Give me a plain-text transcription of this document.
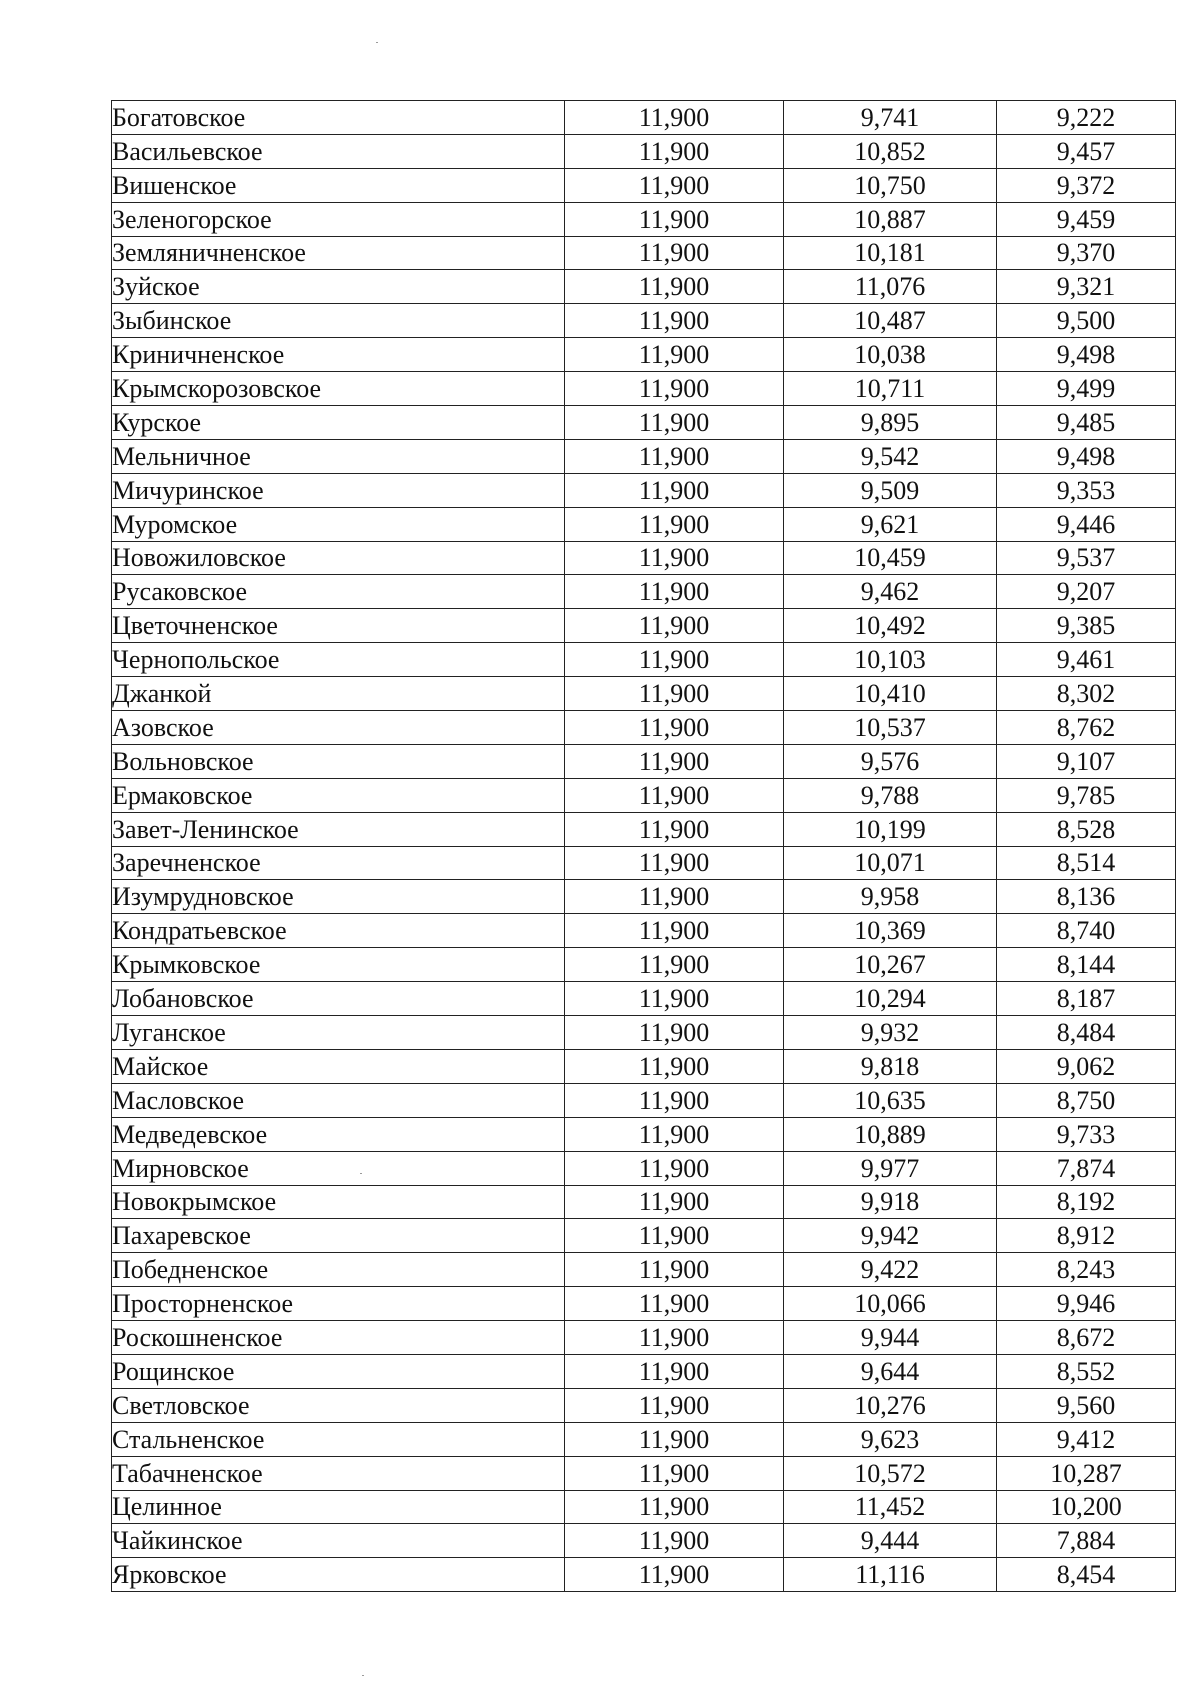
Богатовское	11,900	9,741	9,222
Васильевское	11,900	10,852	9,457
Вишенское	11,900	10,750	9,372
Зеленогорское	11,900	10,887	9,459
Земляничненское	11,900	10,181	9,370
Зуйское	11,900	11,076	9,321
Зыбинское	11,900	10,487	9,500
Криничненское	11,900	10,038	9,498
Крымскорозовское	11,900	10,711	9,499
Курское	11,900	9,895	9,485
Мельничное	11,900	9,542	9,498
Мичуринское	11,900	9,509	9,353
Муромское	11,900	9,621	9,446
Новожиловское	11,900	10,459	9,537
Русаковское	11,900	9,462	9,207
Цветочненское	11,900	10,492	9,385
Чернопольское	11,900	10,103	9,461
Джанкой	11,900	10,410	8,302
Азовское	11,900	10,537	8,762
Вольновское	11,900	9,576	9,107
Ермаковское	11,900	9,788	9,785
Завет-Ленинское	11,900	10,199	8,528
Заречненское	11,900	10,071	8,514
Изумрудновское	11,900	9,958	8,136
Кондратьевское	11,900	10,369	8,740
Крымковское	11,900	10,267	8,144
Лобановское	11,900	10,294	8,187
Луганское	11,900	9,932	8,484
Майское	11,900	9,818	9,062
Масловское	11,900	10,635	8,750
Медведевское	11,900	10,889	9,733
Мирновское	11,900	9,977	7,874
Новокрымское	11,900	9,918	8,192
Пахаревское	11,900	9,942	8,912
Победненское	11,900	9,422	8,243
Просторненское	11,900	10,066	9,946
Роскошненское	11,900	9,944	8,672
Рощинское	11,900	9,644	8,552
Светловское	11,900	10,276	9,560
Стальненское	11,900	9,623	9,412
Табачненское	11,900	10,572	10,287
Целинное	11,900	11,452	10,200
Чайкинское	11,900	9,444	7,884
Ярковское	11,900	11,116	8,454
